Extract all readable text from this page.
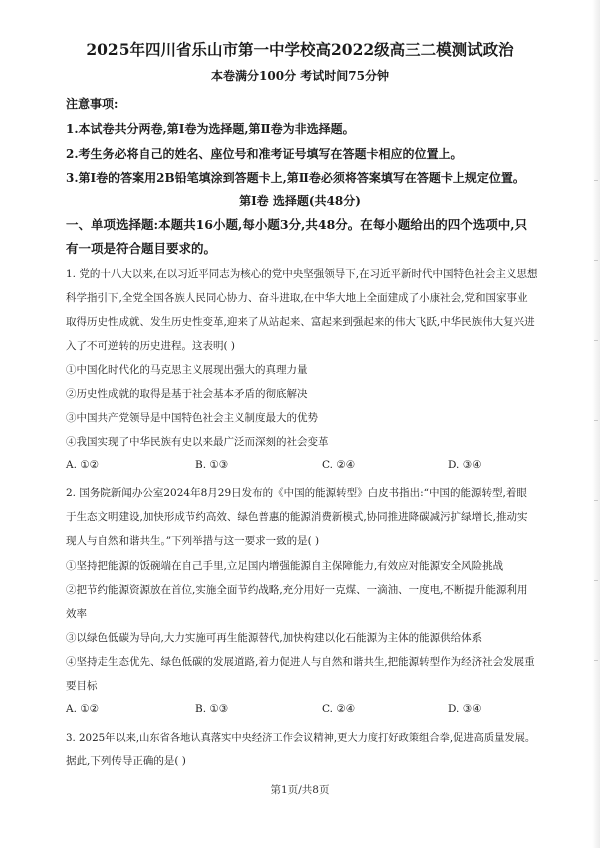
2025年四川省乐山市第一中学校高2022级高三二模测试政治
本卷满分100分 考试时间75分钟
注意事项:
1.本试卷共分两卷,第Ⅰ卷为选择题,第Ⅱ卷为非选择题。
2.考生务必将自己的姓名、座位号和准考证号填写在答题卡相应的位置上。
3.第Ⅰ卷的答案用2B铅笔填涂到答题卡上,第Ⅱ卷必须将答案填写在答题卡上规定位置。
第Ⅰ卷 选择题(共48分)
一、单项选择题:本题共16小题,每小题3分,共48分。在每小题给出的四个选项中,只
有一项是符合题目要求的。
1. 党的十八大以来,在以习近平同志为核心的党中央坚强领导下,在习近平新时代中国特色社会主义思想
科学指引下,全党全国各族人民同心协力、奋斗进取,在中华大地上全面建成了小康社会,党和国家事业
取得历史性成就、发生历史性变革,迎来了从站起来、富起来到强起来的伟大飞跃,中华民族伟大复兴进
入了不可逆转的历史进程。这表明( )
①中国化时代化的马克思主义展现出强大的真理力量
②历史性成就的取得是基于社会基本矛盾的彻底解决
③中国共产党领导是中国特色社会主义制度最大的优势
④我国实现了中华民族有史以来最广泛而深刻的社会变革
A. ①②	B. ①③	C. ②④	D. ③④
2. 国务院新闻办公室2024年8月29日发布的《中国的能源转型》白皮书指出:“中国的能源转型,着眼
于生态文明建设,加快形成节约高效、绿色普惠的能源消费新模式,协同推进降碳减污扩绿增长,推动实
现人与自然和谐共生。”下列举措与这一要求一致的是( )
①坚持把能源的饭碗端在自己手里,立足国内增强能源自主保障能力,有效应对能源安全风险挑战
②把节约能源资源放在首位,实施全面节约战略,充分用好一克煤、一滴油、一度电,不断提升能源利用
效率
③以绿色低碳为导向,大力实施可再生能源替代,加快构建以化石能源为主体的能源供给体系
④坚持走生态优先、绿色低碳的发展道路,着力促进人与自然和谐共生,把能源转型作为经济社会发展重
要目标
A. ①②	B. ①③	C. ②④	D. ③④
3. 2025年以来,山东省各地认真落实中央经济工作会议精神,更大力度打好政策组合拳,促进高质量发展。
据此,下列传导正确的是( )
第1页/共8页
